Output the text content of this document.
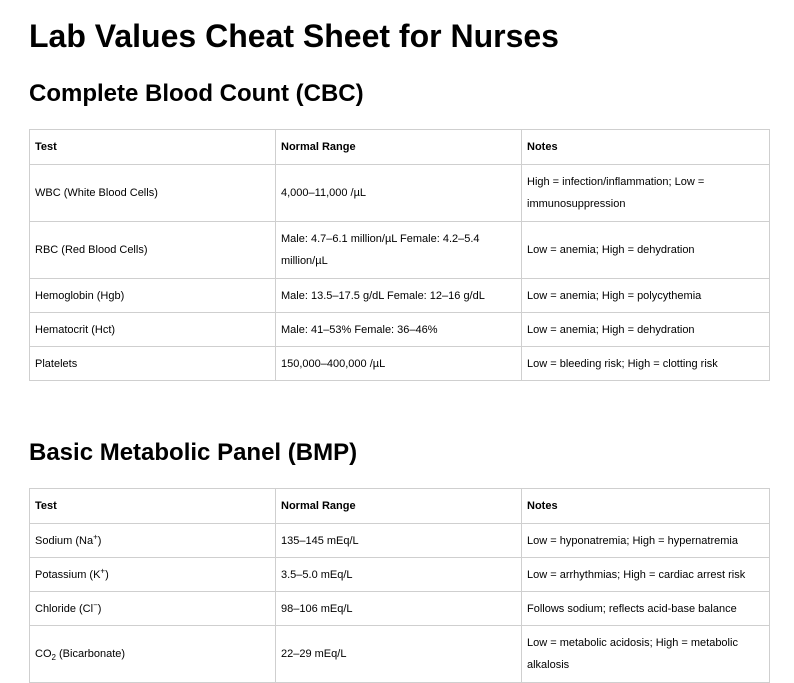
Lab Values Cheat Sheet for Nurses
Complete Blood Count (CBC)
Test	Normal Range	Notes
WBC (White Blood Cells)	4,000–11,000 /µL	High = infection/inflammation; Low = immunosuppression
RBC (Red Blood Cells)	Male: 4.7–6.1 million/µL Female: 4.2–5.4 million/µL	Low = anemia; High = dehydration
Hemoglobin (Hgb)	Male: 13.5–17.5 g/dL Female: 12–16 g/dL	Low = anemia; High = polycythemia
Hematocrit (Hct)	Male: 41–53% Female: 36–46%	Low = anemia; High = dehydration
Platelets	150,000–400,000 /µL	Low = bleeding risk; High = clotting risk
Basic Metabolic Panel (BMP)
Test	Normal Range	Notes
Sodium (Na+)	135–145 mEq/L	Low = hyponatremia; High = hypernatremia
Potassium (K+)	3.5–5.0 mEq/L	Low = arrhythmias; High = cardiac arrest risk
Chloride (Cl−)	98–106 mEq/L	Follows sodium; reflects acid-base balance
$CO_2$ (Bicarbonate)	22–29 mEq/L	Low = metabolic acidosis; High = metabolic alkalosis
